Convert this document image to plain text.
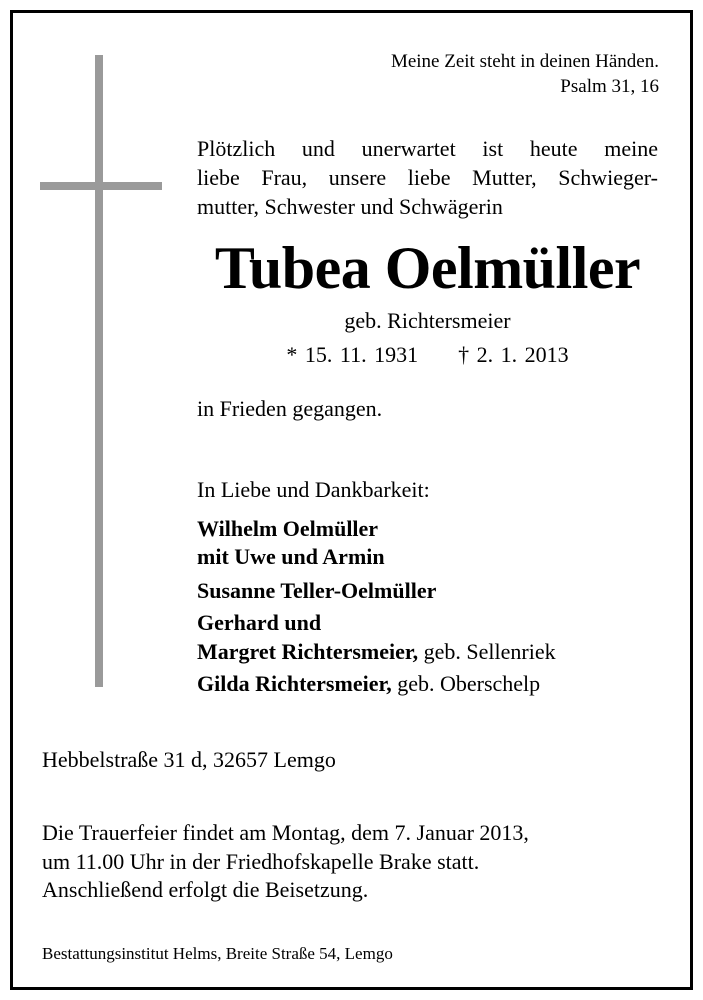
Meine Zeit steht in deinen Händen.
Psalm 31, 16
Plötzlich und unerwartet ist heute meine
liebe Frau, unsere liebe Mutter, Schwieger-
mutter, Schwester und Schwägerin
Tubea Oelmüller
geb. Richtersmeier
* 15. 11. 1931 † 2. 1. 2013
in Frieden gegangen.
In Liebe und Dankbarkeit:
Wilhelm Oelmüller
mit Uwe und Armin
Susanne Teller-Oelmüller
Gerhard und
Margret Richtersmeier, geb. Sellenriek
Gilda Richtersmeier, geb. Oberschelp
Hebbelstraße 31 d, 32657 Lemgo
Die Trauerfeier findet am Montag, dem 7. Januar 2013,
um 11.00 Uhr in der Friedhofskapelle Brake statt.
Anschließend erfolgt die Beisetzung.
Bestattungsinstitut Helms, Breite Straße 54, Lemgo
